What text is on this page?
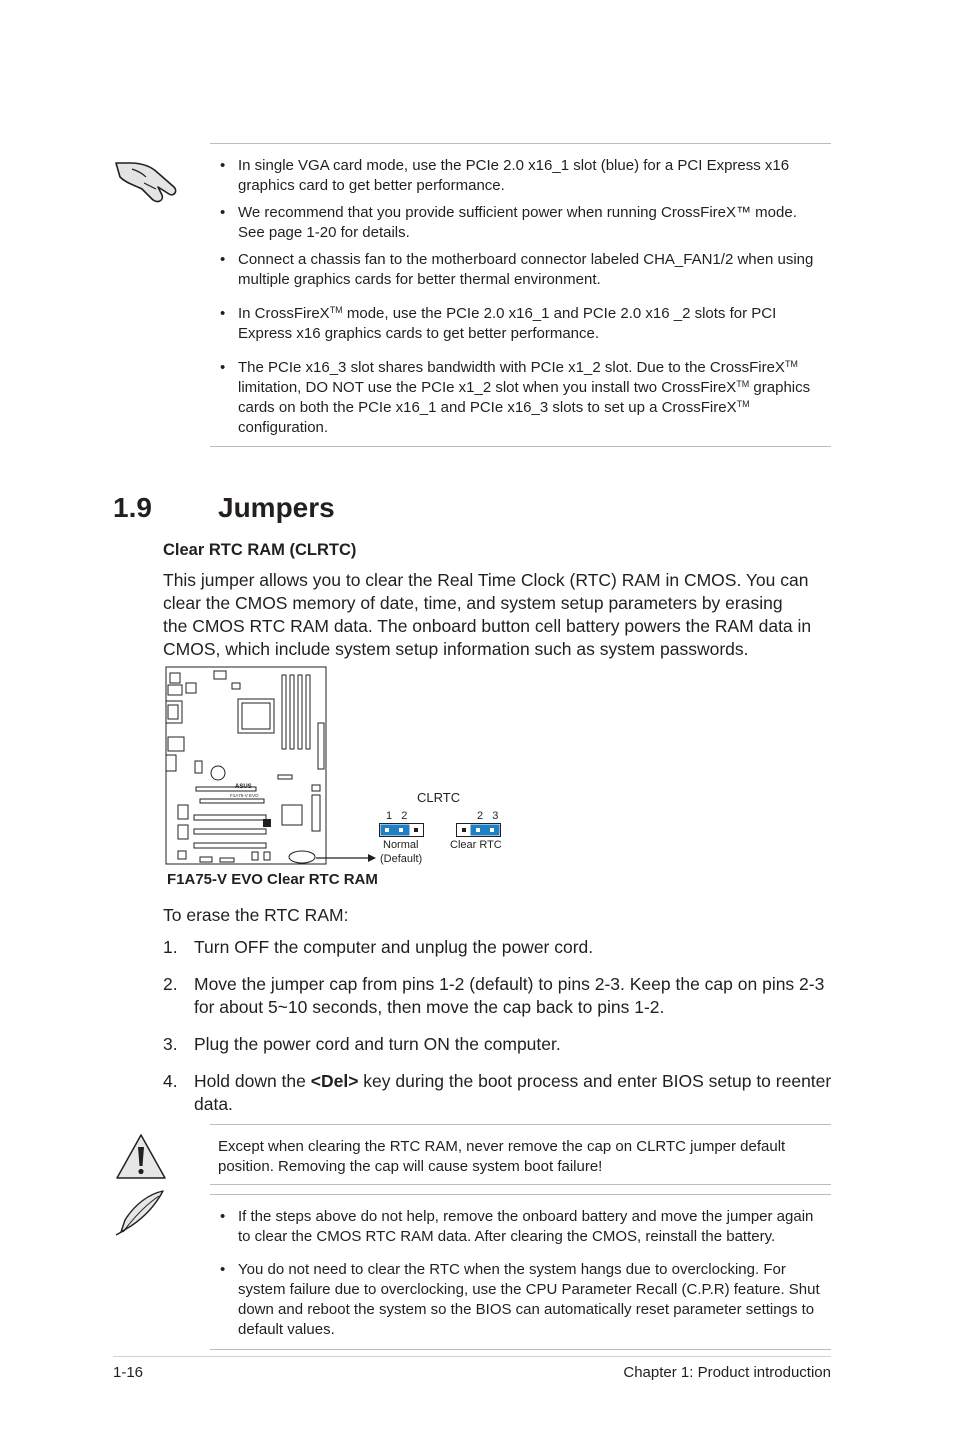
• In single VGA card mode, use the PCIe 2.0 x16_1 slot (blue) for a PCI Express x16 graphics card to get better performance.
• We recommend that you provide sufficient power when running CrossFireX™ mode. See page 1-20 for details.
• Connect a chassis fan to the motherboard connector labeled CHA_FAN1/2 when using multiple graphics cards for better thermal environment.
• In CrossFireX™ mode, use the PCIe 2.0 x16_1 and PCIe 2.0 x16 _2 slots for PCI Express x16 graphics cards to get better performance.
• The PCIe x16_3 slot shares bandwidth with PCIe x1_2 slot. Due to the CrossFireX™
limitation, DO NOT use the PCIe x1_2 slot when you install two CrossFireX™ graphics cards on both the PCIe x16_1 and PCIe x16_3 slots to set up a CrossFireX™
configuration.
1.9 Jumpers
Clear RTC RAM (CLRTC)
This jumper allows you to clear the Real Time Clock (RTC) RAM in CMOS. You can
clear the CMOS memory of date, time, and system setup parameters by erasing
the CMOS RTC RAM data. The onboard button cell battery powers the RAM data in
CMOS, which include system setup information such as system passwords.
ASUS
F1A75-V EVO	CLRTC
1   2	2   3
Normal
(Default)
Clear RTC
F1A75-V EVO Clear RTC RAM
To erase the RTC RAM:
1. Turn OFF the computer and unplug the power cord.
2. Move the jumper cap from pins 1-2 (default) to pins 2-3. Keep the cap on pins 2-3 for about 5~10 seconds, then move the cap back to pins 1-2.
3. Plug the power cord and turn ON the computer.
4. Hold down the <Del> key during the boot process and enter BIOS setup to reenter data.
Except when clearing the RTC RAM, never remove the cap on CLRTC jumper default position. Removing the cap will cause system boot failure!
• If the steps above do not help, remove the onboard battery and move the jumper again to clear the CMOS RTC RAM data. After clearing the CMOS, reinstall the battery.
• You do not need to clear the RTC when the system hangs due to overclocking. For system failure due to overclocking, use the CPU Parameter Recall (C.P.R) feature. Shut down and reboot the system so the BIOS can automatically reset parameter settings to default values.
1-16	Chapter 1: Product introduction
